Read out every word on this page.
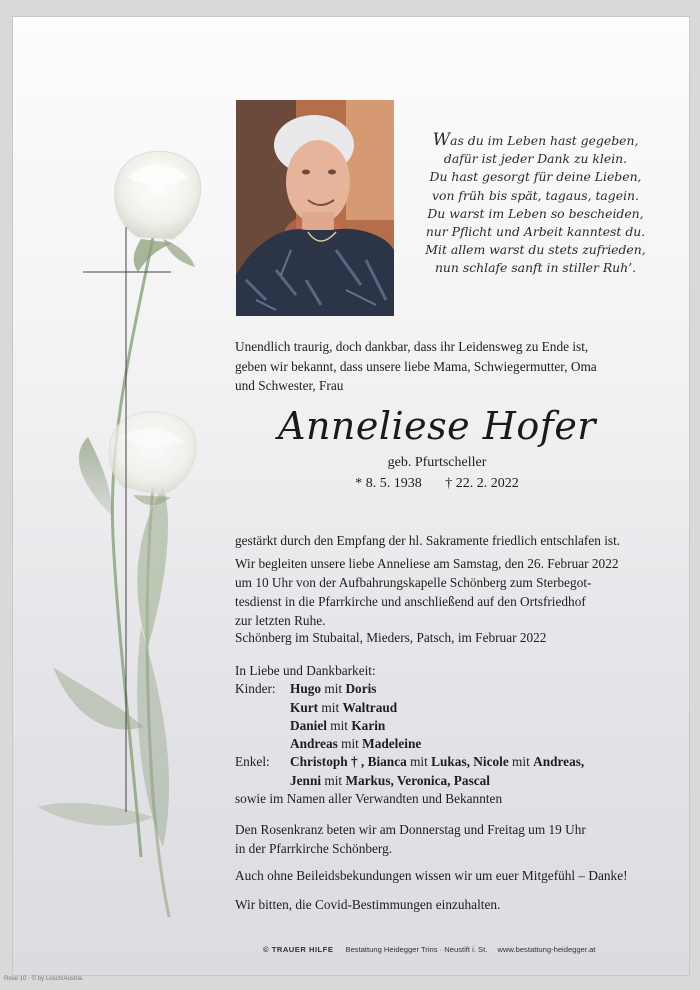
Was du im Leben hast gegeben,
dafür ist jeder Dank zu klein.
Du hast gesorgt für deine Lieben,
von früh bis spät, tagaus, tagein.
Du warst im Leben so bescheiden,
nur Pflicht und Arbeit kanntest du.
Mit allem warst du stets zufrieden,
nun schlafe sanft in stiller Ruh’.
Unendlich traurig, doch dankbar, dass ihr Leidensweg zu Ende ist,
geben wir bekannt, dass unsere liebe Mama, Schwiegermutter, Oma
und Schwester, Frau
Anneliese Hofer
geb. Pfurtscheller
* 8. 5. 1938 † 22. 2. 2022
gestärkt durch den Empfang der hl. Sakramente friedlich entschlafen ist.
Wir begleiten unsere liebe Anneliese am Samstag, den 26. Februar 2022
um 10 Uhr von der Aufbahrungskapelle Schönberg zum Sterbegot-
tesdienst in die Pfarrkirche und anschließend auf den Ortsfriedhof
zur letzten Ruhe.
Schönberg im Stubaital, Mieders, Patsch, im Februar 2022
In Liebe und Dankbarkeit:
Kinder: Hugo mit Doris
Kurt mit Waltraud
Daniel mit Karin
Andreas mit Madeleine
Enkel: Christoph † , Bianca mit Lukas, Nicole mit Andreas,
Jenni mit Markus, Veronica, Pascal
sowie im Namen aller Verwandten und Bekannten
Den Rosenkranz beten wir am Donnerstag und Freitag um 19 Uhr
in der Pfarrkirche Schönberg.
Auch ohne Beileidsbekundungen wissen wir um euer Mitgefühl – Danke!
Wir bitten, die Covid-Bestimmungen einzuhalten.
© TRAUER HILFE Bestattung Heidegger Trins · Neustift i. St. www.bestattung-heidegger.at
Rose 10 · © by Lösch/Austria
